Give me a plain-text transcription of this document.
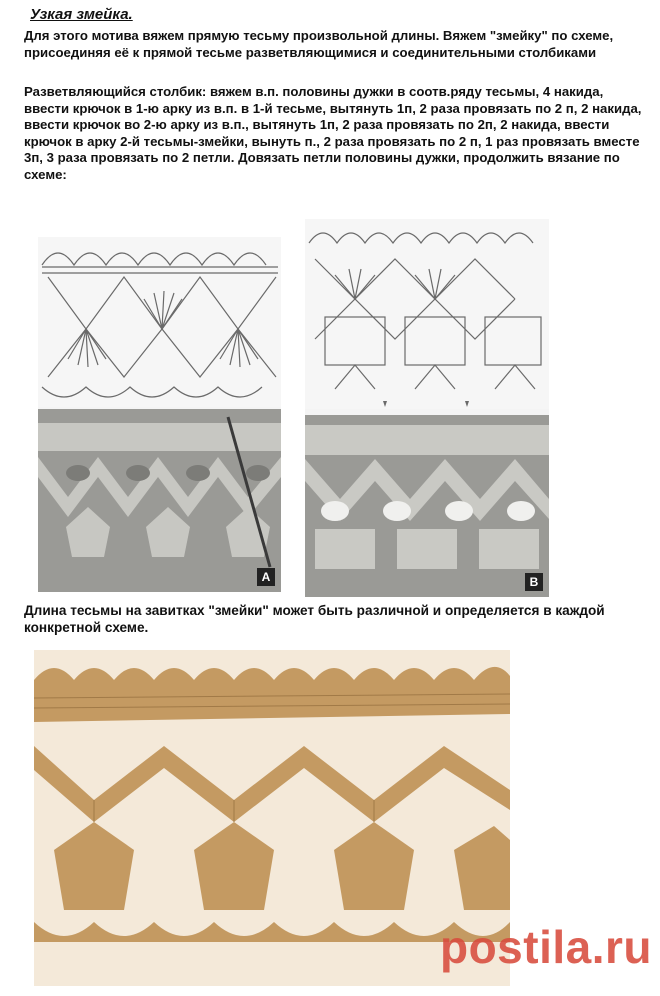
Узкая змейка.
Для этого мотива вяжем прямую тесьму произвольной длины. Вяжем "змейку" по схеме, присоединяя её к прямой тесьме разветвляющимися и соединительными столбиками
Разветвляющийся столбик: вяжем в.п. половины дужки в соотв.ряду тесьмы, 4 накида, ввести крючок в 1-ю арку из в.п. в 1-й тесьме, вытянуть 1п, 2 раза провязать по 2 п, 2 накида, ввести крючок во 2-ю арку из в.п., вытянуть 1п, 2 раза провязать по 2п, 2 накида, ввести крючок в арку 2-й тесьмы-змейки, вынуть п., 2 раза провязать по 2 п, 1 раз провязать вместе 3п, 3 раза провязать по 2 петли. Довязать петли половины дужки, продолжить вязание по схеме:
А	В
Длина тесьмы на завитках "змейки" может быть различной и определяется в каждой конкретной схеме.
postila.ru
